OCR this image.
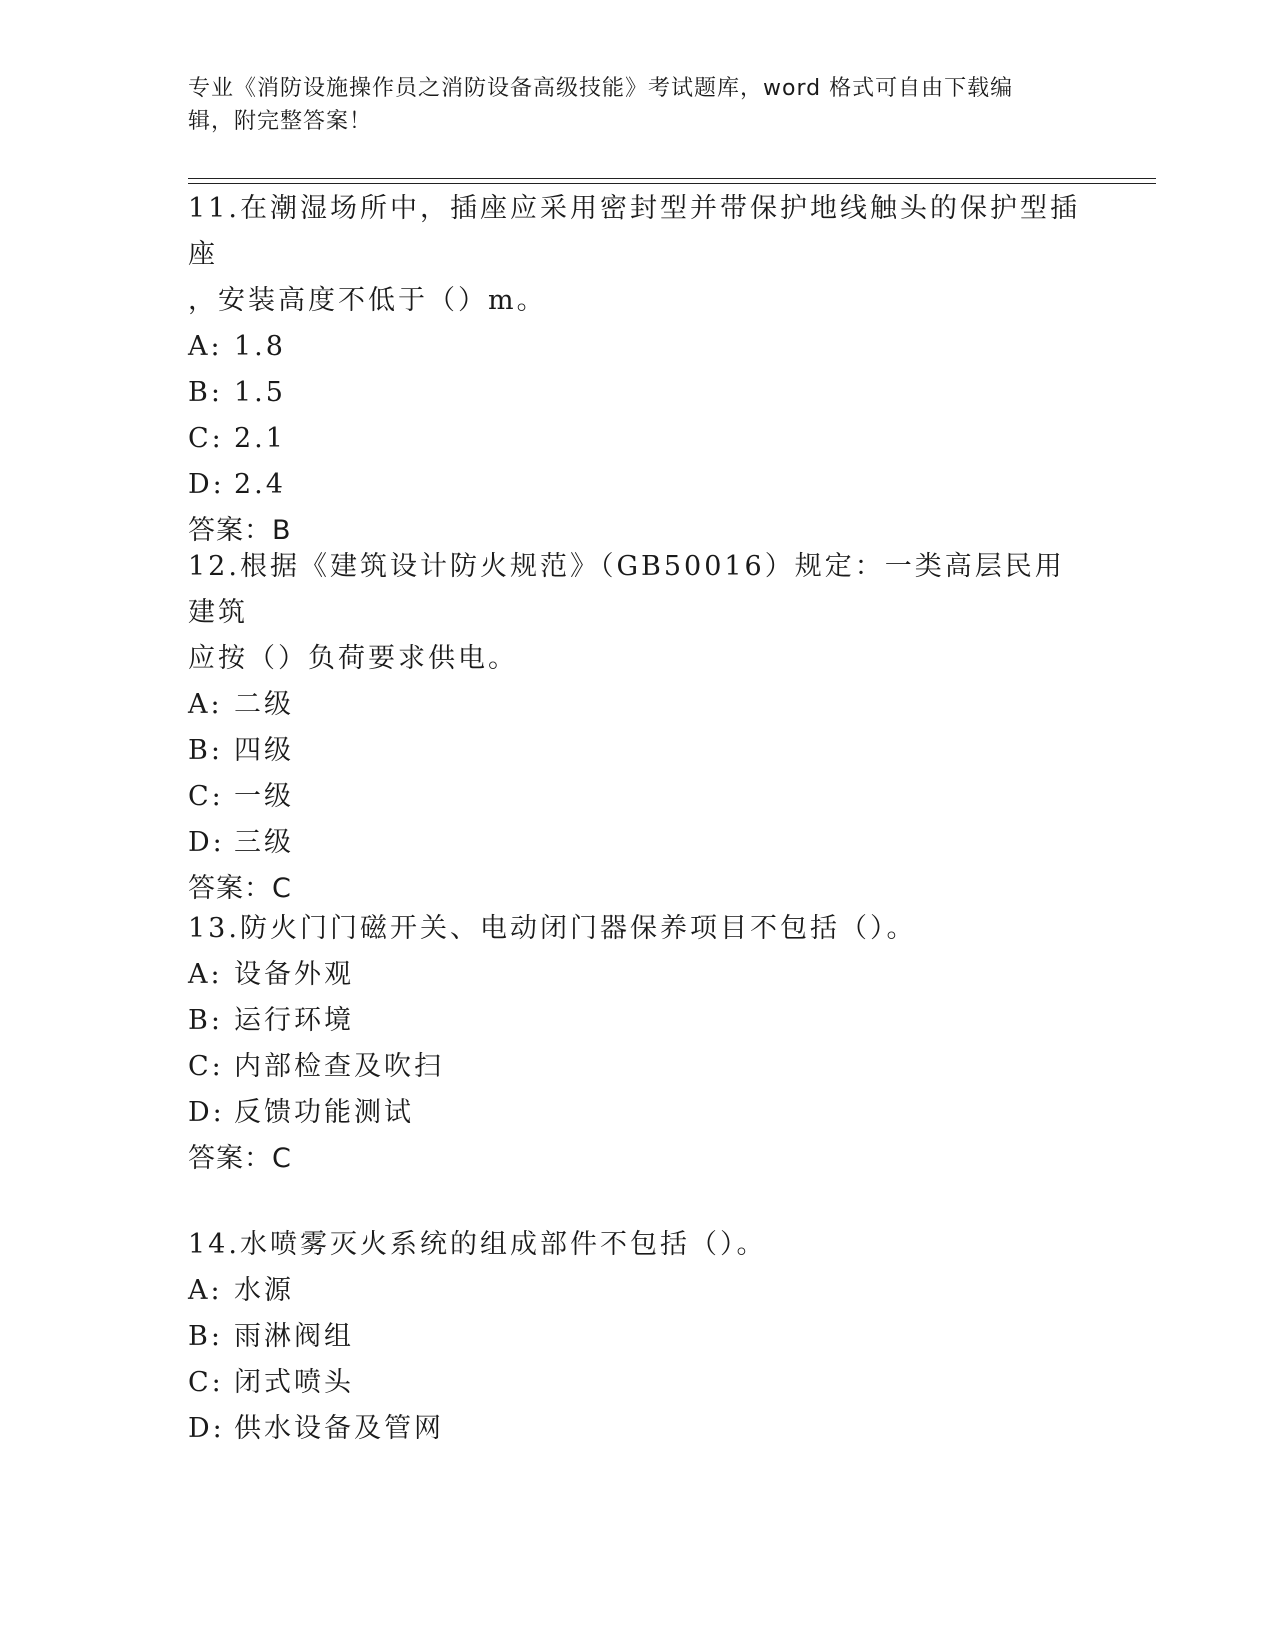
专业《消防设施操作员之消防设备高级技能》考试题库，word 格式可自由下载编
辑，附完整答案！

11.在潮湿场所中，插座应采用密封型并带保护地线触头的保护型插座

，安装高度不低于（）m。

A: 1.8

B: 1.5

C: 2.1

D: 2.4

答案：B

12.根据《建筑设计防火规范》（GB50016）规定：一类高层民用建筑

应按（）负荷要求供电。

A: 二级

B: 四级

C: 一级

D: 三级

答案：C

13.防火门门磁开关、电动闭门器保养项目不包括（）。

A: 设备外观

B: 运行环境

C: 内部检查及吹扫

D: 反馈功能测试

答案：C

14.水喷雾灭火系统的组成部件不包括（）。

A: 水源

B: 雨淋阀组

C: 闭式喷头

D: 供水设备及管网
